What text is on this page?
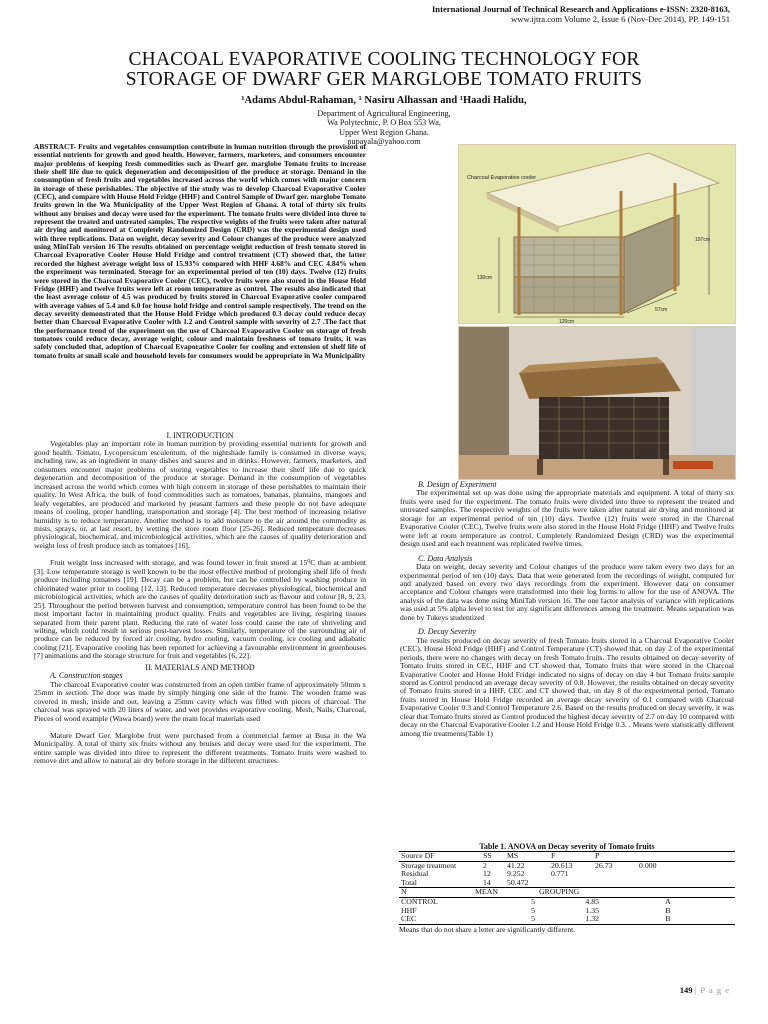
International Journal of Technical Research and Applications e-ISSN: 2320-8163,
www.ijtra.com Volume 2, Issue 6 (Nov-Dec 2014), PP. 149-151
CHACOAL EVAPORATIVE COOLING TECHNOLOGY FOR
STORAGE OF DWARF GER MARGLOBE TOMATO FRUITS
¹Adams Abdul-Rahaman, ¹ Nasiru Alhassan and ¹Haadi Halidu,
Department of Agricultural Engineering,
Wa Polytechnic, P. O Box 553 Wa,
Upper West Region Ghana.
nupayala@yahoo.com
ABSTRACT- Fruits and vegetables consumption contribute in human nutrition through the provision of essential nutrients for growth and good health. However, farmers, marketers, and consumers encounter major problems of keeping fresh commodities such as Dwarf ger. marglobe Tomato fruits to increase their shelf life due to quick degeneration and decomposition of the produce at storage. Demand in the consumption of fresh fruits and vegetables increased across the world which comes with major concern in storage of these perishables. The objective of the study was to develop Charcoal Evaporative Cooler (CEC), and compare with House Hold Fridge (HHF) and Control Sample of Dwarf ger. marglobe Tomato fruits grown in the Wa Municipality of the Upper West Region of Ghana. A total of thirty six fruits without any bruises and decay were used for the experiment. The tomato fruits were divided into three to represent the treated and untreated samples. The respective weights of the fruits were taken after natural air drying and monitored at Completely Randomized Design (CRD) was the experimental design used with three replications. Data on weight, decay severity and Colour changes of the produce were analyzed using MiniTab version 16 The results obtained on percentage weight reduction of fresh tomato stored in Charcoal Evaporative Cooler House Hold Fridge and control treatment (CT) showed that, the latter recorded the highest average weight loss of 15.93% compared with HHF 4.68% and CEC 4.84% when the experiment was terminated. Storage for an experimental period of ten (10) days. Twelve (12) fruits were stored in the Charcoal Evaporative Cooler (CEC), twelve fruits were also stored in the House Hold Fridge (HHF) and twelve fruits were left at room temperature as control. The results also indicated that the least average colour of 4.5 was produced by fruits stored in Charcoal Evaporative cooler compared with average values of 5.4 and 6.0 for house hold fridge and control sample respectively. The trend on the decay severity demonstrated that the House Hold Fridge which produced 0.3 decay could reduce decay better than Charcoal Evaporative Cooler with 1.2 and Control sample with severity of 2.7 .The fact that the performance trend of the experiment on the use of Charcoal Evaporative Cooler on storage of fresh tomatoes could reduce decay, average weight, colour and maintain freshness of tomato fruits, it was safely concluded that, adoption of Charcoal Evaporative Cooler for cooling and extension of shelf life of tomato fruits at small scale and household levels for consumers would be appropriate in Wa Municipality
I. INTRODUCTION

Vegetables play an important role in human nutrition by providing essential nutrients for growth and good health. Tomato, Lycopersicum esculentum, of the nightshade family is consumed in diverse ways, including raw, as an ingredient in many dishes and sauces and in drinks. However, farmers, marketers, and consumers encounter major problems of storing vegetables to increase their shelf life due to quick degeneration and decomposition of the produce at storage. Demand in the consumption of vegetables increased across the world which comes with high concern in storage of these perishables to maintain their quality. In West Africa, the bulk of food commodities such as tomatoes, bananas, plantains, mangoes and leafy vegetables, are produced and marketed by peasant farmers and these people do not have adequate means of cooling, proper handling, transportation and storage [4]. The best method of increasing relative humidity is to reduce temperature. Another method is to add moisture to the air around the commodity as mists, sprays, or, at last resort, by wetting the store room floor [25-26]. Reduced temperature decreases physiological, biochemical, and microbiological activities, which are the causes of quality deterioration and weight loss of fresh produce such as tomatoes [16].

Fruit weight loss increased with storage, and was found lower in fruit stored at 15⁰C than at ambient [3]. Low temperature storage is well known to be the most effective method of prolonging shelf life of fresh produce including tomatoes [19]. Decay can be a problem, but can be controlled by washing produce in chlorinated water prior to cooling [12, 13]. Reduced temperature decreases physiological, biochemical and microbiological activities, which are the causes of quality deterioration such as flavour and colour [8, 9, 23, 25]. Throughout the period between harvest and consumption, temperature control has been found to be the most important factor in maintaining product quality. Fruits and vegetables are living, respiring tissues separated from their parent plant. Reducing the rate of water loss could cause the rate of shriveling and wilting, which could result in serious post-harvest losses. Similarly, temperature of the surrounding air of produce can be reduced by forced air cooling, hydro cooling, vacuum cooling, ice cooling and adiabatic cooling [21]. Evaporative cooling has been reported for achieving a favourable environment in greenhouses [7] animations and the storage structure for fruit and vegetables [6, 22].

II. MATERIALS AND METHOD
A. Construction stages

The charcoal Evaporative cooler was constructed from an open timber frame of approximately 50mm x 25mm in section. The door was made by simply hinging one side of the frame. The wooden frame was covered in mesh, inside and out, leaving a 25mm cavity which was filled with pieces of charcoal. The charcoal was sprayed with 20 liters of water, and wet provides evaporative cooling. Mesh, Nails, Charcoal, Pieces of wood example (Wawa board) were the main local materials used

Mature Dwarf Ger. Marglobe fruit were purchased from a commercial farmer at Busa in the Wa Municipality. A total of thirty six fruits without any bruises and decay were used for the experiment. The entire sample was divided into three to represent the different treatments. Tomato fruits were washed to remove dirt and allow to natural air dry before storage in the different structures.

Charcoal Evaporative cooler
197cm
130cm
120cm
57cm
B. Design of Experiment

The experimental set up was done using the appropriate materials and equipment. A total of thirty six fruits were used for the experiment. The tomato fruits were divided into three to represent the treated and untreated samples. The respective weights of the fruits were taken after natural air drying and monitored at storage for an experimental period of ten (10) days. Twelve (12) fruits were stored in the Charcoal Evaporative Cooler (CEC), Twelve fruits were also stored in the House Hold Fridge (HHF) and Twelve fruits were left at room temperature as control. Completely Randomized Design (CRD) was the experimental design used and each treatment was replicated twelve times.

C. Data Analysis

Data on weight, decay severity and Colour changes of the produce were taken every two days for an experimental period of ten (10) days. Data that were generated from the recordings of weight, computed for and analyzed based on every two days recordings from the experiment. However data on consumer acceptance and Colour changes were transformed into their log forms to allow for the use of ANOVA. The analysis of the data was done using MiniTab version 16. The one factor analysis of variance with replications was used at 5% alpha level to test for any significant differences among the treatment. Means separation was done by Tukeys studentized

D. Decay Severity

The results produced on decay severity of fresh Tomato fruits stored in a Charcoal Evaporative Cooler (CEC), House Hold Fridge (HHF) and Control Temperature (CT) showed that, on day 2 of the experimental periods, there were no changes with decay on fresh Tomato fruits. The results obtained on decay severity of Tomato fruits stored in CEC, HHF and CT showed that, Tomato fruits that were stored in the Charcoal Evaporative Cooler and House Hold Fridge indicated no signs of decay on day 4 but Tomato fruits sample stored as Control produced an average decay severity of 0.8. However, the results obtained on decay severity of Tomato fruits stored in a HHF, CEC and CT showed that, on day 8 of the experimental period, Tomato fruits stored in House Hold Fridge recorded an average decay severity of 0.1 compared with Charcoal Evaporative Cooler 0.3 and Control Temperature 2.6. Based on the results produced on decay severity, it was clear that Tomato fruits stored as Control produced the highest decay severity of 2.7 on day 10 compared with decay on the Charcoal Evaporative Cooler 1.2 and House Hold Fridge 0.3. . Means were statistically different among the treatments(Table 1)

Table 1. ANOVA on Decay severity of Tomato fruits
Source DF	SS	MS	F	P	
Storage treatment	2	41.22	20.613	26.73	0.000
Residual	12	9.252	0.771		
Total	14	50.472			
N	MEAN	GROUPING	
CONTROL	5	4.85	A
HHF	5	1.35	B
CEC	5	1.32	B
Means that do not share a letter are significantly different.
149 | P a g e
